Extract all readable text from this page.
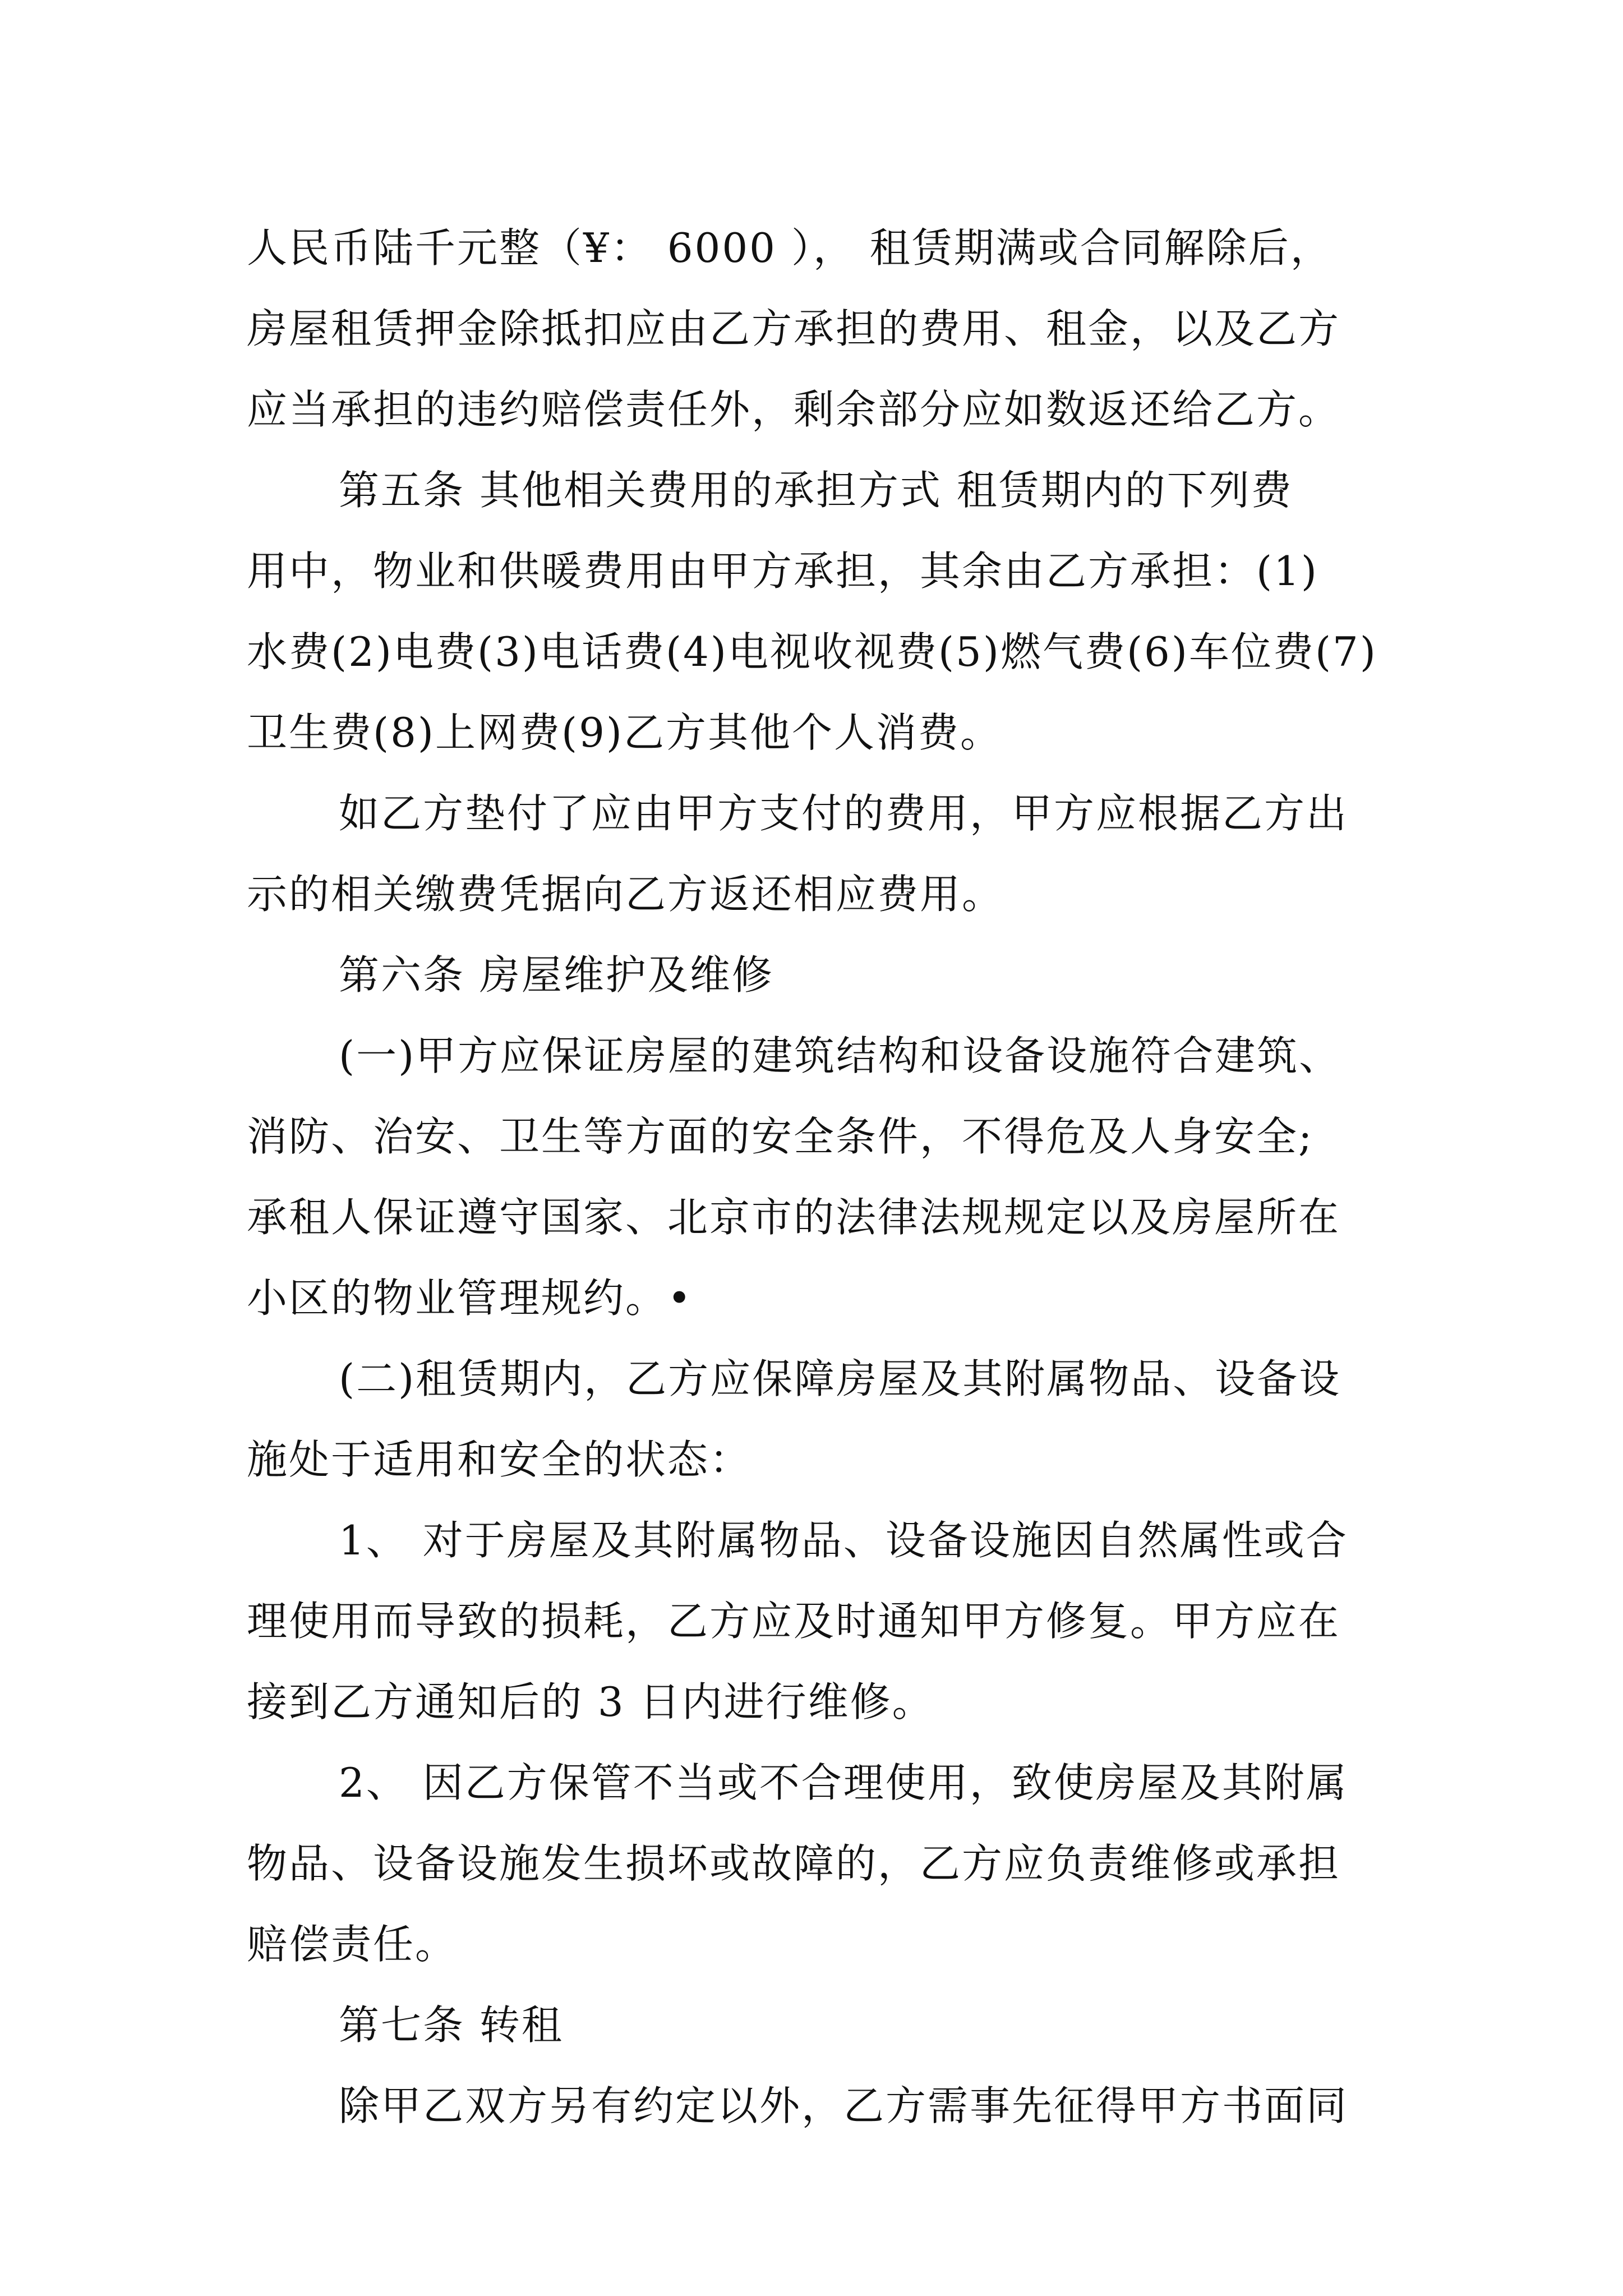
人民币陆千元整（¥： 6000 ）， 租赁期满或合同解除后，
房屋租赁押金除抵扣应由乙方承担的费用、租金，以及乙方
应当承担的违约赔偿责任外，剩余部分应如数返还给乙方。
第五条 其他相关费用的承担方式 租赁期内的下列费
用中，物业和供暖费用由甲方承担，其余由乙方承担：(1)
水费(2)电费(3)电话费(4)电视收视费(5)燃气费(6)车位费(7)
卫生费(8)上网费(9)乙方其他个人消费。
如乙方垫付了应由甲方支付的费用，甲方应根据乙方出
示的相关缴费凭据向乙方返还相应费用。
第六条 房屋维护及维修
(一)甲方应保证房屋的建筑结构和设备设施符合建筑、
消防、治安、卫生等方面的安全条件，不得危及人身安全;
承租人保证遵守国家、北京市的法律法规规定以及房屋所在
小区的物业管理规约。•
(二)租赁期内，乙方应保障房屋及其附属物品、设备设
施处于适用和安全的状态：
1、 对于房屋及其附属物品、设备设施因自然属性或合
理使用而导致的损耗，乙方应及时通知甲方修复。甲方应在
接到乙方通知后的 3 日内进行维修。
2、 因乙方保管不当或不合理使用，致使房屋及其附属
物品、设备设施发生损坏或故障的，乙方应负责维修或承担
赔偿责任。
第七条 转租
除甲乙双方另有约定以外，乙方需事先征得甲方书面同
